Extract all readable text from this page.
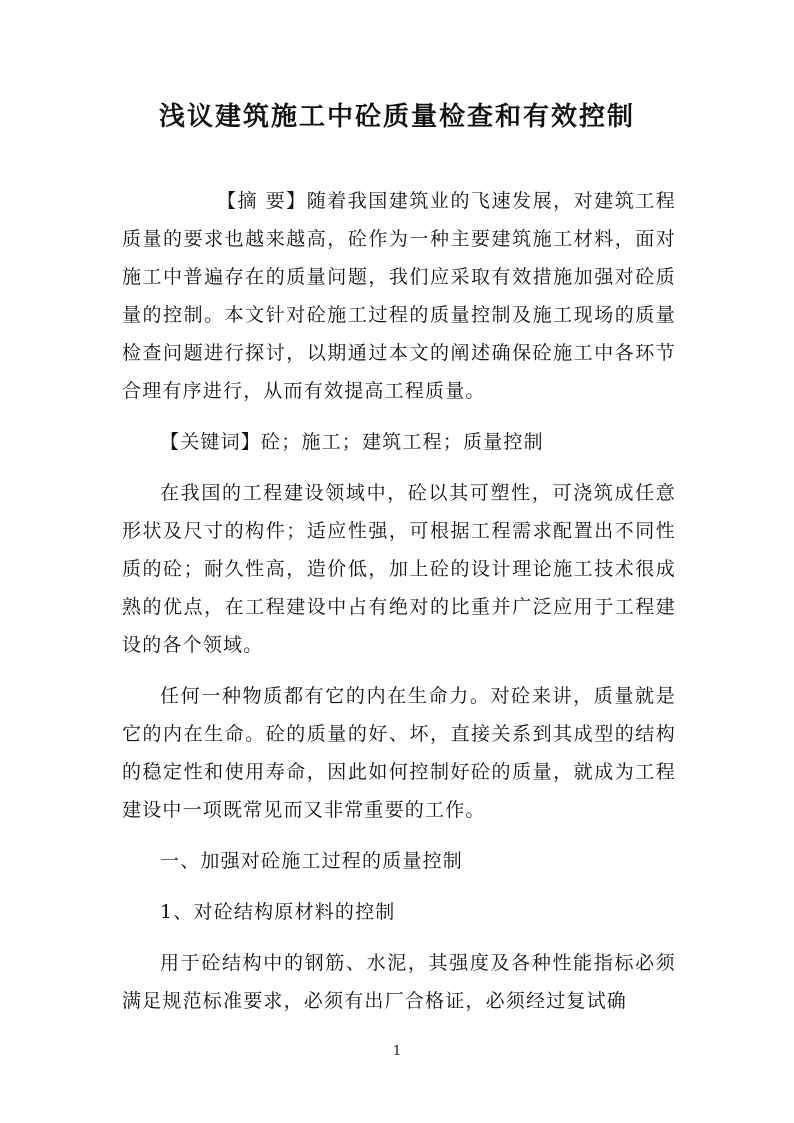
浅议建筑施工中砼质量检查和有效控制

【摘 要】随着我国建筑业的飞速发展，对建筑工程质量的要求也越来越高，砼作为一种主要建筑施工材料，面对施工中普遍存在的质量问题，我们应采取有效措施加强对砼质量的控制。本文针对砼施工过程的质量控制及施工现场的质量检查问题进行探讨，以期通过本文的阐述确保砼施工中各环节合理有序进行，从而有效提高工程质量。

【关键词】砼；施工；建筑工程；质量控制

在我国的工程建设领域中，砼以其可塑性，可浇筑成任意形状及尺寸的构件；适应性强，可根据工程需求配置出不同性质的砼；耐久性高，造价低，加上砼的设计理论施工技术很成熟的优点，在工程建设中占有绝对的比重并广泛应用于工程建设的各个领域。

任何一种物质都有它的内在生命力。对砼来讲，质量就是它的内在生命。砼的质量的好、坏，直接关系到其成型的结构的稳定性和使用寿命，因此如何控制好砼的质量，就成为工程建设中一项既常见而又非常重要的工作。

一、加强对砼施工过程的质量控制

1、对砼结构原材料的控制

用于砼结构中的钢筋、水泥，其强度及各种性能指标必须满足规范标准要求，必须有出厂合格证，必须经过复试确

1
